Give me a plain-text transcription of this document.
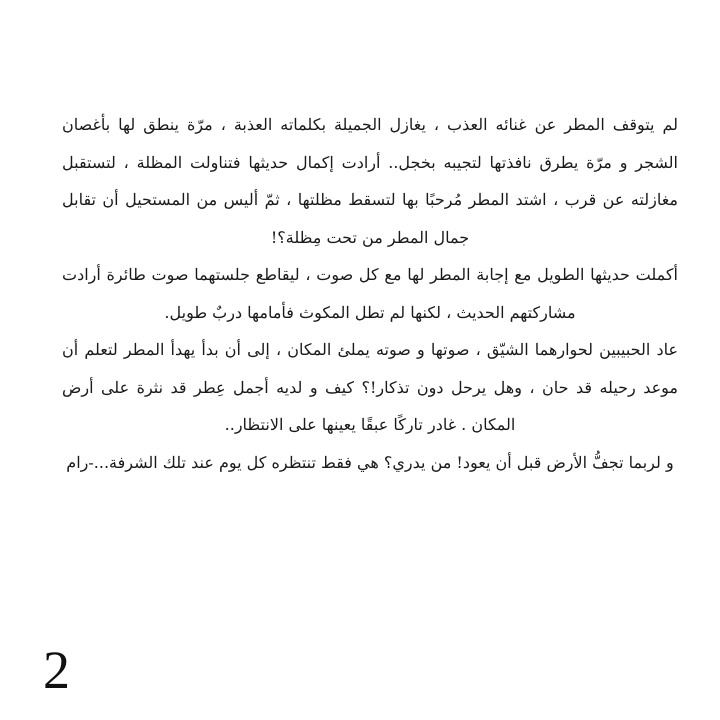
لم يتوقف المطر عن غنائه العذب ، يغازل الجميلة بكلماته العذبة ، مرّة ينطق لها بأغصان الشجر و مرّة يطرق نافذتها لتجيبه بخجل.. أرادت إكمال حديثها فتناولت المظلة ، لتستقبل مغازلته عن قرب ، اشتد المطر مُرحبًا بها لتسقط مظلتها ، ثمّ أليس من المستحيل أن تقابل جمال المطر من تحت مِظلة؟!

أكملت حديثها الطويل مع إجابة المطر لها مع كل صوت ، ليقاطع جلستهما صوت طائرة أرادت مشاركتهم الحديث ، لكنها لم تطل المكوث فأمامها دربٌ طويل.

عاد الحبيبين لحوارهما الشيّق ، صوتها و صوته يملئ المكان ، إلى أن بدأ يهدأ المطر لتعلم أن موعد رحيله قد حان ، وهل يرحل دون تذكار!؟ كيف و لديه أجمل عِطر قد نثرة على أرض المكان . غادر تاركًا عبقًا يعينها على الانتظار..

و لربما تجفُّ الأرض قبل أن يعود! من يدري؟ هي فقط تنتظره كل يوم عند تلك الشرفة...-رام

2
